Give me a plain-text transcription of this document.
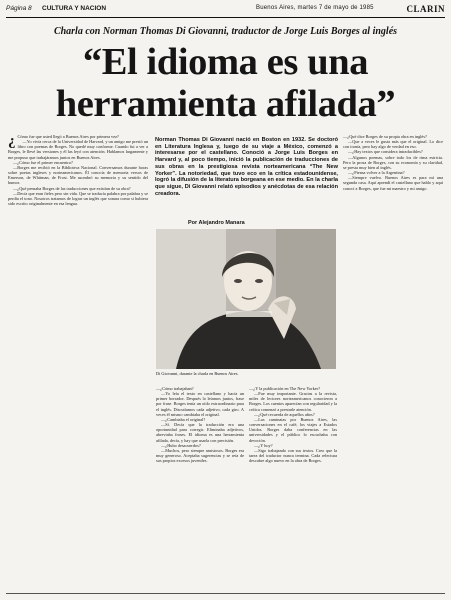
Página 8 CULTURA Y NACION	Buenos Aires, martes 7 de mayo de 1985	CLARIN
Charla con Norman Thomas Di Giovanni, traductor de Jorge Luis Borges al inglés
“El idioma es una herramienta afilada”
¿ Cómo fue que usted llegó a Buenos Aires por primera vez?

—Yo vivía cerca de la Universidad de Harvard, y un amigo me prestó un libro con poemas de Borges. No quedé muy conforme. Cuando fui a ver a Borges, le llevé las versiones y él las leyó con atención. Hablamos largamente y me propuso que trabajáramos juntos en Buenos Aires.

—¿Cómo fue el primer encuentro?

—Borges me recibió en la Biblioteca Nacional. Conversamos durante horas sobre poetas ingleses y norteamericanos. Él conocía de memoria versos de Emerson, de Whitman, de Frost. Me asombró su memoria y su sentido del humor.

—¿Qué pensaba Borges de las traducciones que existían de su obra?

—Decía que eran fieles pero sin vida. Que se traducía palabra por palabra y se perdía el tono. Nosotros tratamos de lograr un inglés que sonara como si hubiera sido escrito originalmente en esa lengua.

Norman Thomas Di Giovanni nació en Boston en 1932. Se doctoró en Literatura Inglesa y, luego de su viaje a México, comenzó a interesarse por el castellano. Conoció a Jorge Luis Borges en Harvard y, al poco tiempo, inició la publicación de traducciones de sus obras en la prestigiosa revista norteamericana “The New Yorker”. La notoriedad, que tuvo eco en la crítica estadounidense, logró la difusión de la literatura borgeana en ese medio. En la charla que sigue, Di Giovanni relató episodios y anécdotas de esa relación creadora.
Por Alejandro Manara
Di Giovanni, durante la charla en Buenos Aires.

—¿Cómo trabajaban?

—Yo leía el texto en castellano y hacía un primer borrador. Después lo leíamos juntos, frase por frase. Borges tenía un oído extraordinario para el inglés. Discutíamos cada adjetivo, cada giro. A veces él mismo cambiaba el original.

—¿Cambiaba el original?

—Sí. Decía que la traducción era una oportunidad para corregir. Eliminaba adjetivos, abreviaba frases. El idioma es una herramienta afilada, decía, y hay que usarla con precisión.

—¿Hubo desacuerdos?

—Muchos, pero siempre amistosos. Borges era muy generoso. Aceptaba sugerencias y se reía de sus propios excesos juveniles.

—¿Y la publicación en The New Yorker?

—Fue muy importante. Gracias a la revista, miles de lectores norteamericanos conocieron a Borges. Los cuentos aparecían con regularidad y la crítica comenzó a prestarle atención.

—¿Qué recuerda de aquellos años?

—Las caminatas por Buenos Aires, las conversaciones en el café, los viajes a Estados Unidos. Borges daba conferencias en las universidades y el público lo escuchaba con devoción.

—¿Y hoy?

—Sigo trabajando con sus textos. Creo que la tarea del traductor nunca termina. Cada relectura descubre algo nuevo en la obra de Borges.

—¿Qué dice Borges de su propia obra en inglés?

—Que a veces le gusta más que el original. Lo dice con ironía, pero hay algo de verdad en eso.

—¿Hay textos que considera intraducibles?

—Algunos poemas, sobre todo los de rima estricta. Pero la prosa de Borges, con su economía y su claridad, se presta muy bien al inglés.

—¿Piensa volver a la Argentina?

—Siempre vuelvo. Buenos Aires es para mí una segunda casa. Aquí aprendí el castellano que hablo y aquí conocí a Borges, que fue mi maestro y mi amigo.
